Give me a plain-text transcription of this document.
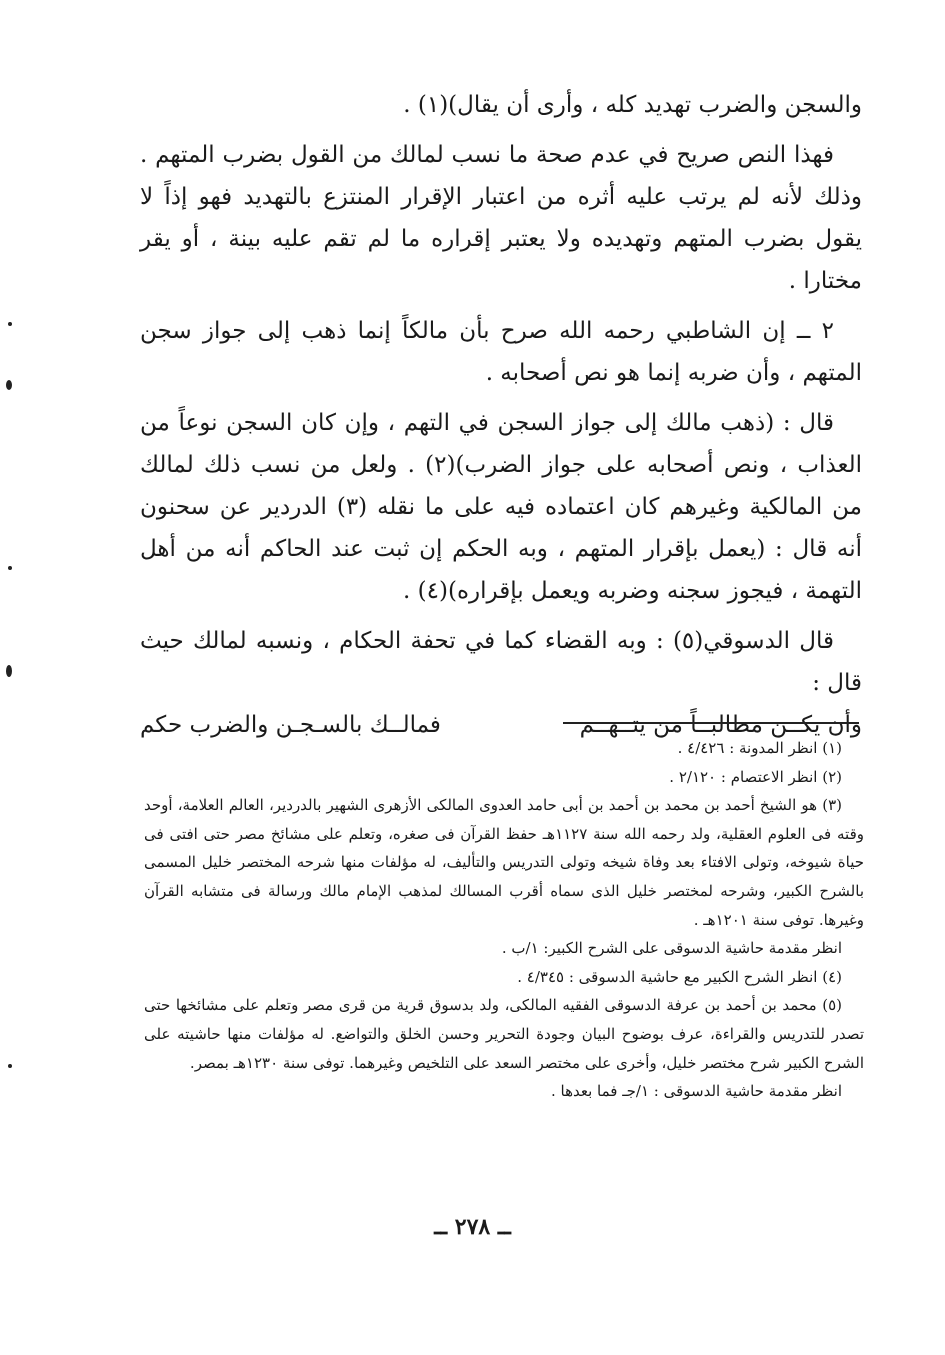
والسجن والضرب تهديد كله ، وأرى أن يقال)(١) .

فهذا النص صريح في عدم صحة ما نسب لمالك من القول بضرب المتهم . وذلك لأنه لم يرتب عليه أثره من اعتبار الإقرار المنتزع بالتهديد فهو إذاً لا يقول بضرب المتهم وتهديده ولا يعتبر إقراره ما لم تقم عليه بينة ، أو يقر مختارا .

٢ ــ إن الشاطبي رحمه الله صرح بأن مالكاً إنما ذهب إلى جواز سجن المتهم ، وأن ضربه إنما هو نص أصحابه .

قال : (ذهب مالك إلى جواز السجن في التهم ، وإن كان السجن نوعاً من العذاب ، ونص أصحابه على جواز الضرب)(٢) . ولعل من نسب ذلك لمالك من المالكية وغيرهم كان اعتماده فيه على ما نقله (٣) الدردير عن سحنون أنه قال : (يعمل بإقرار المتهم ، وبه الحكم إن ثبت عند الحاكم أنه من أهل التهمة ، فيجوز سجنه وضربه ويعمل بإقراره)(٤) .

قال الدسوقي(٥) : وبه القضاء كما في تحفة الحكام ، ونسبه لمالك حيث قال :

وأن يكــن مطالبــاً من يتــهــم
فمالــك بالسـجـن والضرب حكم

(١) انظر المدونة : ٤/٤٢٦ .

(٢) انظر الاعتصام : ٢/١٢٠ .

(٣) هو الشيخ أحمد بن محمد بن أحمد بن أبى حامد العدوى المالكى الأزهرى الشهير بالدردير، العالم العلامة، أوحد وقته فى العلوم العقلية، ولد رحمه الله سنة ١١٢٧هـ حفظ القرآن فى صغره، وتعلم على مشائخ مصر حتى افتى فى حياة شيوخه، وتولى الافتاء بعد وفاة شيخه وتولى التدريس والتأليف، له مؤلفات منها شرحه المختصر خليل المسمى بالشرح الكبير، وشرحه لمختصر خليل الذى سماه أقرب المسالك لمذهب الإمام مالك ورسالة فى متشابه القرآن وغيرها. توفى سنة ١٢٠١هـ .

انظر مقدمة حاشية الدسوقى على الشرح الكبير: ١/ب .

(٤) انظر الشرح الكبير مع حاشية الدسوقى : ٤/٣٤٥ .

(٥) محمد بن أحمد بن عرفة الدسوقى الفقيه المالكى، ولد بدسوق قرية من قرى مصر وتعلم على مشائخها حتى تصدر للتدريس والقراءة، عرف بوضوح البيان وجودة التحرير وحسن الخلق والتواضع. له مؤلفات منها حاشيته على الشرح الكبير شرح مختصر خليل، وأخرى على مختصر السعد على التلخيص وغيرهما. توفى سنة ١٢٣٠هـ بمصر.

انظر مقدمة حاشية الدسوقى : ١/جـ فما بعدها .

ــ ٢٧٨ ــ
